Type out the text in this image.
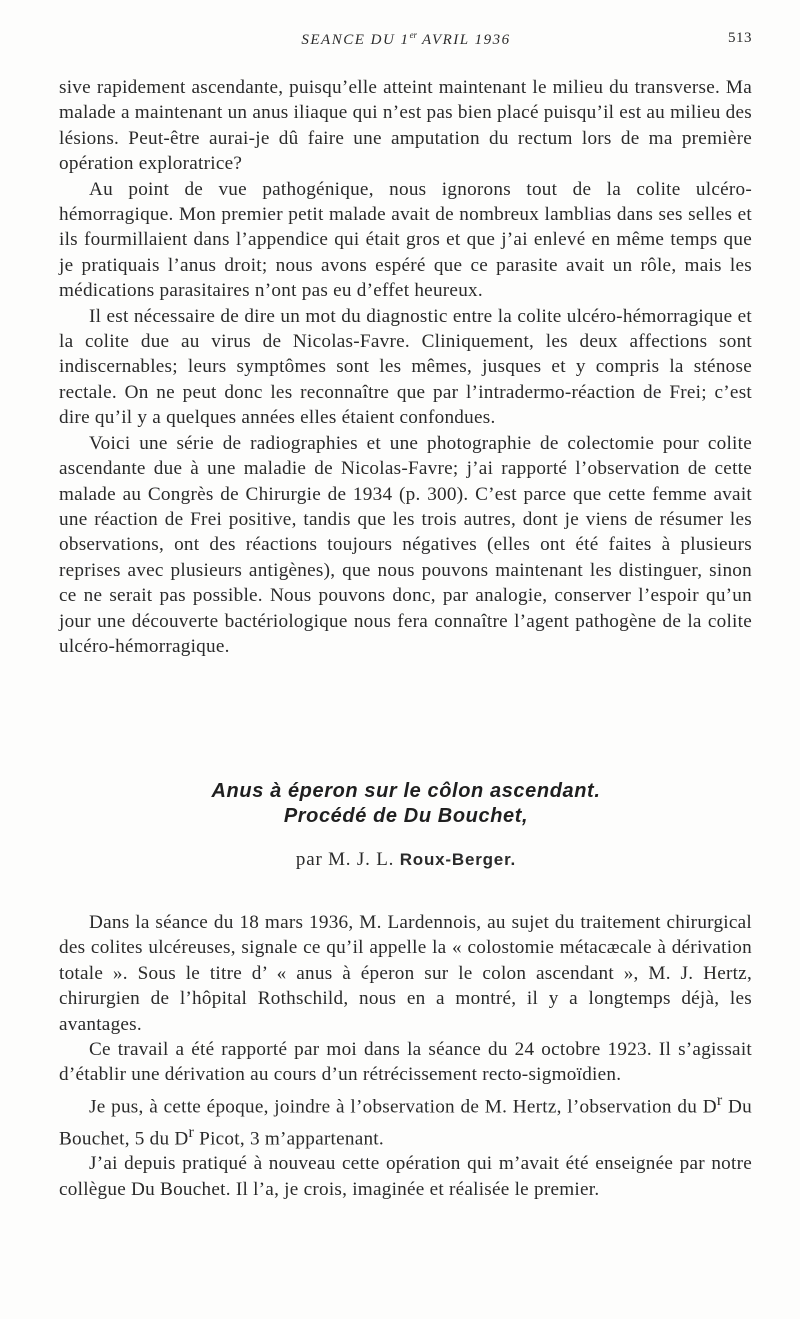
SEANCE DU 1er AVRIL 1936	513

sive rapidement ascendante, puisqu’elle atteint maintenant le milieu du transverse. Ma malade a maintenant un anus iliaque qui n’est pas bien placé puisqu’il est au milieu des lésions. Peut-être aurai-je dû faire une amputation du rectum lors de ma première opération exploratrice?

Au point de vue pathogénique, nous ignorons tout de la colite ulcéro-hémorragique. Mon premier petit malade avait de nombreux lamblias dans ses selles et ils fourmillaient dans l’appendice qui était gros et que j’ai enlevé en même temps que je pratiquais l’anus droit; nous avons espéré que ce parasite avait un rôle, mais les médications parasitaires n’ont pas eu d’effet heureux.

Il est nécessaire de dire un mot du diagnostic entre la colite ulcéro-hémorragique et la colite due au virus de Nicolas-Favre. Cliniquement, les deux affections sont indiscernables; leurs symptômes sont les mêmes, jusques et y compris la sténose rectale. On ne peut donc les reconnaître que par l’intradermo-réaction de Frei; c’est dire qu’il y a quelques années elles étaient confondues.

Voici une série de radiographies et une photographie de colectomie pour colite ascendante due à une maladie de Nicolas-Favre; j’ai rapporté l’observation de cette malade au Congrès de Chirurgie de 1934 (p. 300). C’est parce que cette femme avait une réaction de Frei positive, tandis que les trois autres, dont je viens de résumer les observations, ont des réactions toujours négatives (elles ont été faites à plusieurs reprises avec plusieurs antigènes), que nous pouvons maintenant les distinguer, sinon ce ne serait pas possible. Nous pouvons donc, par analogie, conserver l’espoir qu’un jour une découverte bactériologique nous fera connaître l’agent pathogène de la colite ulcéro-hémorragique.

Anus à éperon sur le côlon ascendant.
Procédé de Du Bouchet,
par M. J. L. Roux-Berger.

Dans la séance du 18 mars 1936, M. Lardennois, au sujet du traitement chirurgical des colites ulcéreuses, signale ce qu’il appelle la « colostomie métacæcale à dérivation totale ». Sous le titre d’ « anus à éperon sur le colon ascendant », M. J. Hertz, chirurgien de l’hôpital Rothschild, nous en a montré, il y a longtemps déjà, les avantages.

Ce travail a été rapporté par moi dans la séance du 24 octobre 1923. Il s’agissait d’établir une dérivation au cours d’un rétrécissement recto-sigmoïdien.

Je pus, à cette époque, joindre à l’observation de M. Hertz, l’observation du $D^r$ Du Bouchet, 5 du $D^r$ Picot, 3 m’appartenant.

J’ai depuis pratiqué à nouveau cette opération qui m’avait été enseignée par notre collègue Du Bouchet. Il l’a, je crois, imaginée et réalisée le premier.
